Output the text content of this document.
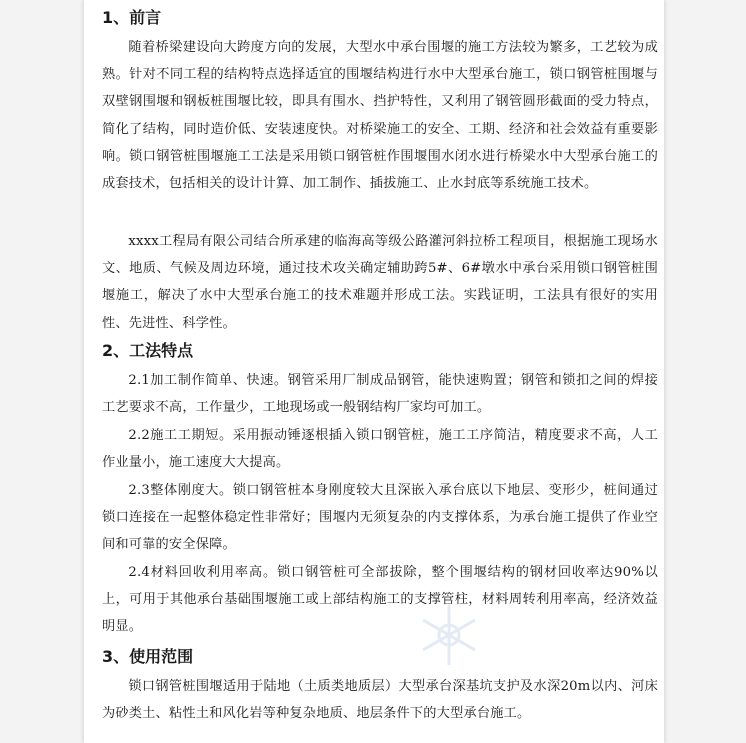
1、前言
随着桥梁建设向大跨度方向的发展，大型水中承台围堰的施工方法较为繁多，工艺较为成熟。针对不同工程的结构特点选择适宜的围堰结构进行水中大型承台施工，锁口钢管桩围堰与双壁钢围堰和钢板桩围堰比较，即具有围水、挡护特性，又利用了钢管圆形截面的受力特点，简化了结构，同时造价低、安装速度快。对桥梁施工的安全、工期、经济和社会效益有重要影响。锁口钢管桩围堰施工工法是采用锁口钢管桩作围堰围水闭水进行桥梁水中大型承台施工的成套技术，包括相关的设计计算、加工制作、插拔施工、止水封底等系统施工技术。
xxxx工程局有限公司结合所承建的临海高等级公路灌河斜拉桥工程项目，根据施工现场水文、地质、气候及周边环境，通过技术攻关确定辅助跨5#、6#墩水中承台采用锁口钢管桩围堰施工，解决了水中大型承台施工的技术难题并形成工法。实践证明，工法具有很好的实用性、先进性、科学性。
2、工法特点
2.1加工制作简单、快速。钢管采用厂制成品钢管，能快速购置；钢管和锁扣之间的焊接工艺要求不高，工作量少，工地现场或一般钢结构厂家均可加工。
2.2施工工期短。采用振动锤逐根插入锁口钢管桩，施工工序简洁，精度要求不高，人工作业量小，施工速度大大提高。
2.3整体刚度大。锁口钢管桩本身刚度较大且深嵌入承台底以下地层、变形少，桩间通过锁口连接在一起整体稳定性非常好；围堰内无须复杂的内支撑体系，为承台施工提供了作业空间和可靠的安全保障。
2.4材料回收利用率高。锁口钢管桩可全部拔除，整个围堰结构的钢材回收率达90%以上，可用于其他承台基础围堰施工或上部结构施工的支撑管柱，材料周转利用率高，经济效益明显。
3、使用范围
锁口钢管桩围堰适用于陆地（土质类地质层）大型承台深基坑支护及水深20m以内、河床为砂类土、粘性土和风化岩等种复杂地质、地层条件下的大型承台施工。
